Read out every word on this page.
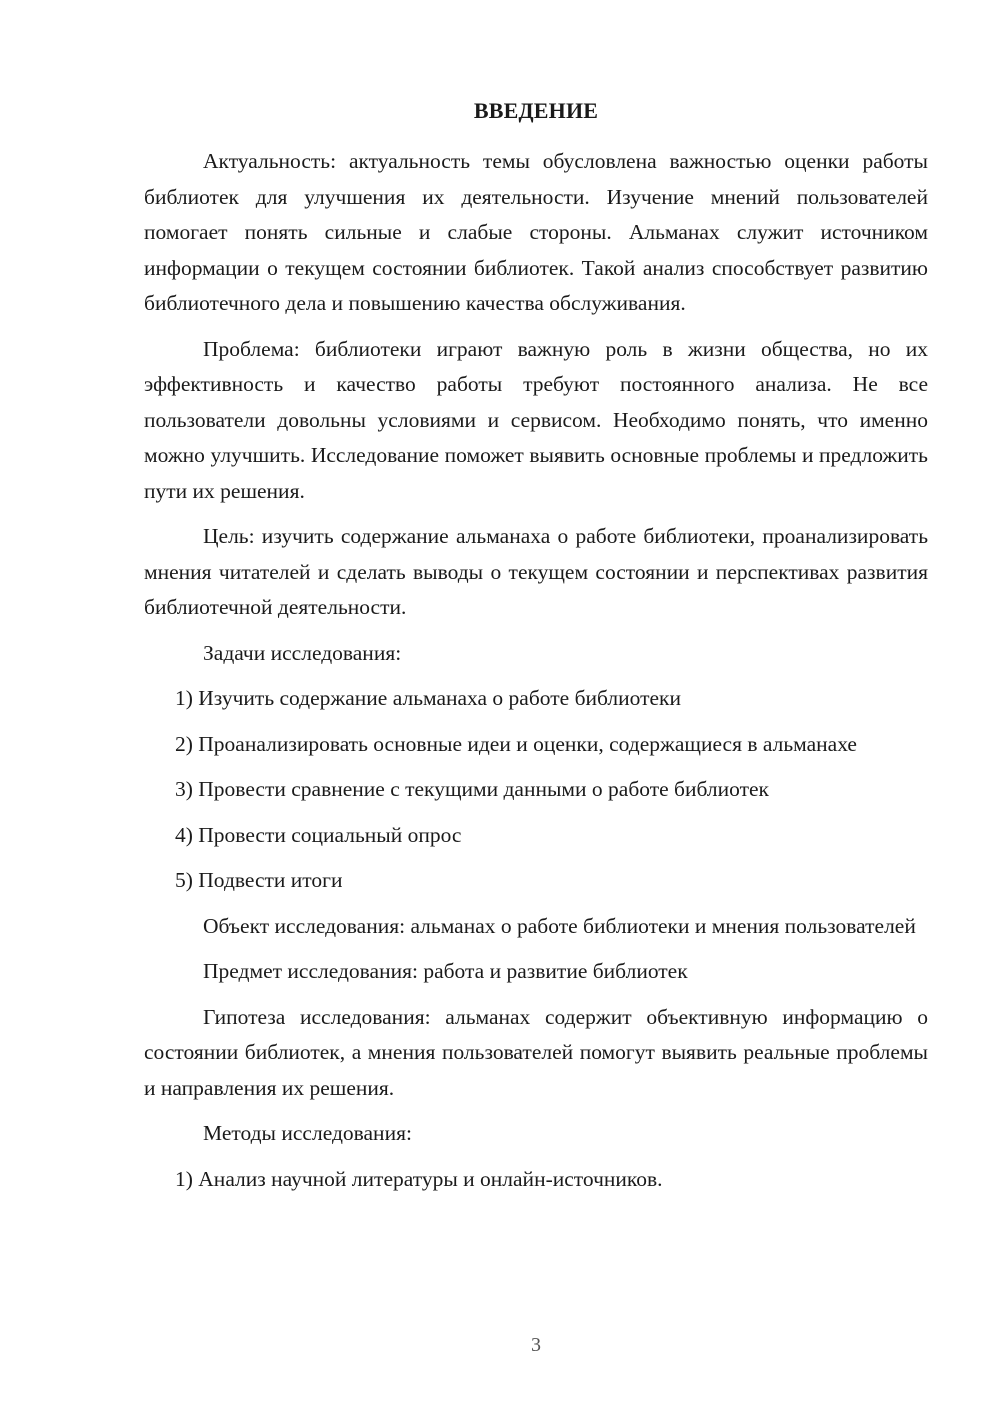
ВВЕДЕНИЕ

Актуальность: актуальность темы обусловлена важностью оценки работы библиотек для улучшения их деятельности. Изучение мнений пользователей помогает понять сильные и слабые стороны. Альманах служит источником информации о текущем состоянии библиотек. Такой анализ способствует развитию библиотечного дела и повышению качества обслуживания.

Проблема: библиотеки играют важную роль в жизни общества, но их эффективность и качество работы требуют постоянного анализа. Не все пользователи довольны условиями и сервисом. Необходимо понять, что именно можно улучшить. Исследование поможет выявить основные проблемы и предложить пути их решения.

Цель: изучить содержание альманаха о работе библиотеки, проанализировать мнения читателей и сделать выводы о текущем состоянии и перспективах развития библиотечной деятельности.

Задачи исследования:

1) Изучить содержание альманаха о работе библиотеки

2) Проанализировать основные идеи и оценки, содержащиеся в альманахе

3) Провести сравнение с текущими данными о работе библиотек

4) Провести социальный опрос

5) Подвести итоги

Объект исследования: альманах о работе библиотеки и мнения пользователей

Предмет исследования: работа и развитие библиотек

Гипотеза исследования: альманах содержит объективную информацию о состоянии библиотек, а мнения пользователей помогут выявить реальные проблемы и направления их решения.

Методы исследования:

1) Анализ научной литературы и онлайн-источников.

3
